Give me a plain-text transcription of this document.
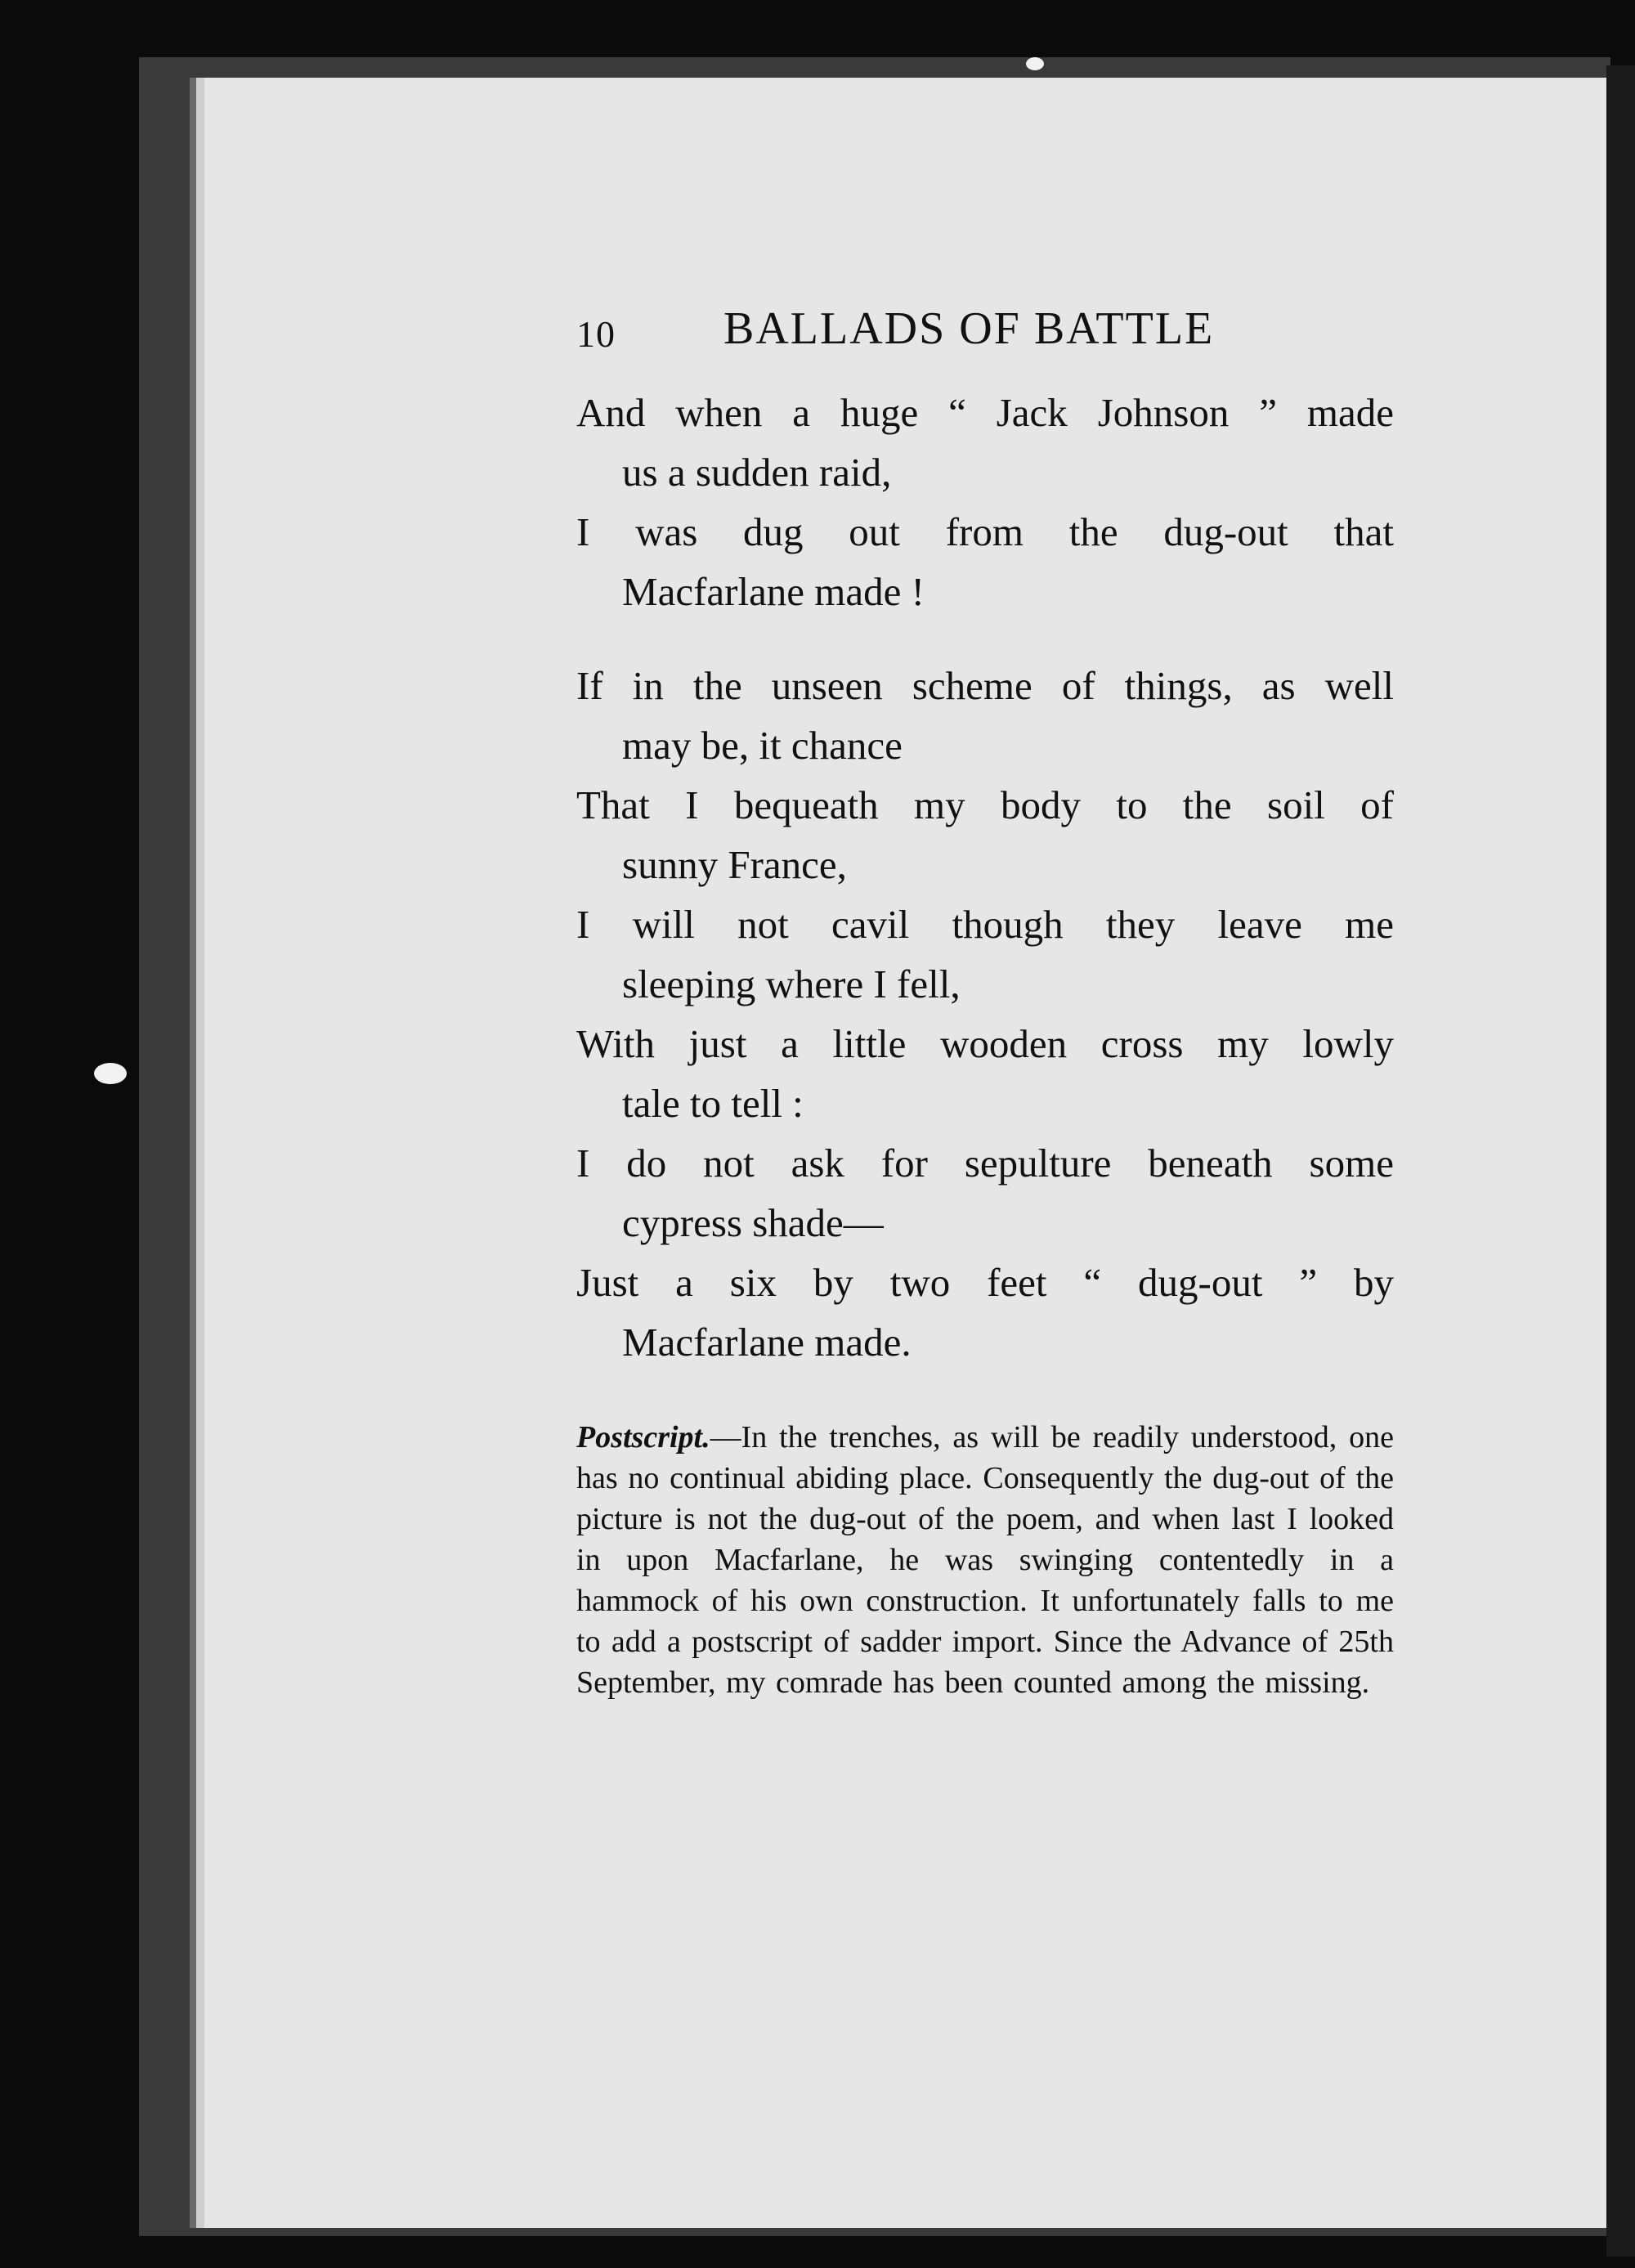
10 BALLADS OF BATTLE
And when a huge “ Jack Johnson ” made
us a sudden raid,
I was dug out from the dug-out that
Macfarlane made !
If in the unseen scheme of things, as well
may be, it chance
That I bequeath my body to the soil of
sunny France,
I will not cavil though they leave me
sleeping where I fell,
With just a little wooden cross my lowly
tale to tell :
I do not ask for sepulture beneath some
cypress shade—
Just a six by two feet “ dug-out ” by
Macfarlane made.
Postscript.—In the trenches, as will be readily understood, one has no continual abiding place. Consequently the dug-out of the picture is not the dug-out of the poem, and when last I looked in upon Macfarlane, he was swinging contentedly in a hammock of his own construction. It unfortunately falls to me to add a postscript of sadder import. Since the Advance of 25th September, my comrade has been counted among the missing.
